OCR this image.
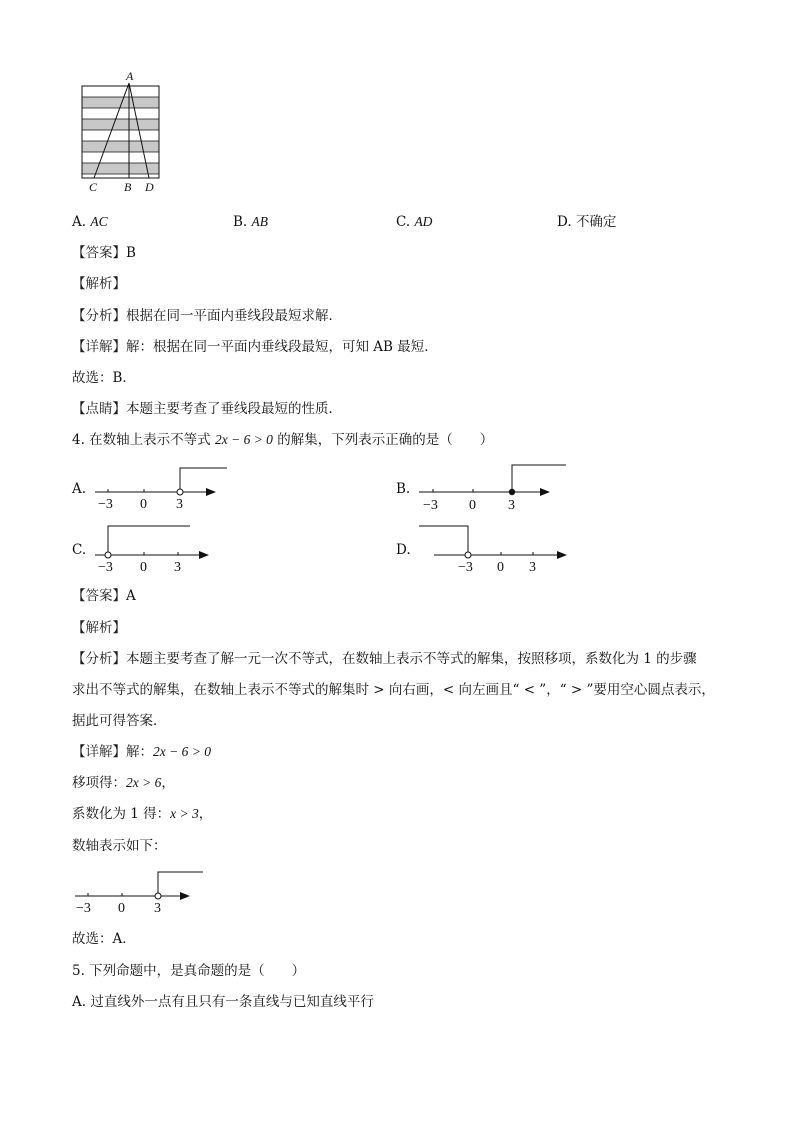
A
C B D
A. AC	B. AB	C. AD	D. 不确定
【答案】B
【解析】
【分析】根据在同一平面内垂线段最短求解．
【详解】解：根据在同一平面内垂线段最短，可知 AB 最短．
故选：B．
【点睛】本题主要考查了垂线段最短的性质．
4. 在数轴上表示不等式 2x − 6 > 0 的解集，下列表示正确的是（　　）
A.
−3 0 3
B.
−3 0 3
C.
−3 0 3
D.
−3 0 3
【答案】A
【解析】
【分析】本题主要考查了解一元一次不等式，在数轴上表示不等式的解集，按照移项，系数化为 1 的步骤
求出不等式的解集，在数轴上表示不等式的解集时 > 向右画，< 向左画且“ < ”，“ > ”要用空心圆点表示，
据此可得答案．
【详解】解：2x − 6 > 0
移项得：2x > 6，
系数化为 1 得：x > 3，
数轴表示如下：
−3 0 3
故选：A．
5. 下列命题中，是真命题的是（　　）
A. 过直线外一点有且只有一条直线与已知直线平行
